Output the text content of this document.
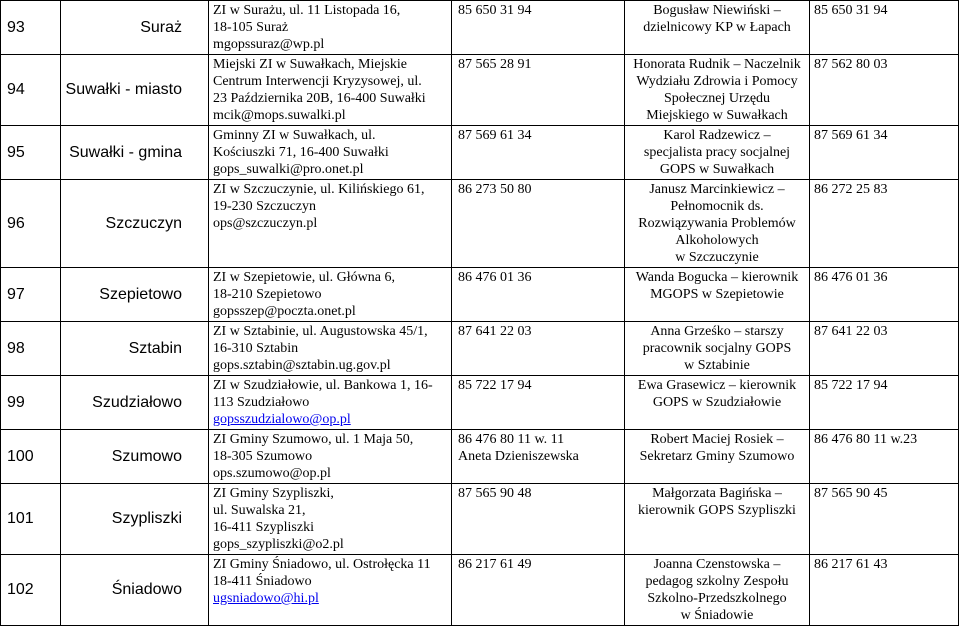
93	Suraż	ZI w Surażu, ul. 11 Listopada 16,
18-105 Suraż
mgopssuraz@wp.pl	85 650 31 94	Bogusław Niewiński –
dzielnicowy KP w Łapach	85 650 31 94
94	Suwałki - miasto	Miejski ZI w Suwałkach, Miejskie
Centrum Interwencji Kryzysowej, ul.
23 Października 20B, 16-400 Suwałki
mcik@mops.suwalki.pl	87 565 28 91	Honorata Rudnik – Naczelnik
Wydziału Zdrowia i Pomocy
Społecznej Urzędu
Miejskiego w Suwałkach	87 562 80 03
95	Suwałki - gmina	Gminny ZI w Suwałkach, ul.
Kościuszki 71, 16-400 Suwałki
gops_suwalki@pro.onet.pl	87 569 61 34	Karol Radzewicz –
specjalista pracy socjalnej
GOPS w Suwałkach	87 569 61 34
96	Szczuczyn	ZI w Szczuczynie, ul. Kilińskiego 61,
19-230 Szczuczyn
ops@szczuczyn.pl	86 273 50 80	Janusz Marcinkiewicz –
Pełnomocnik ds.
Rozwiązywania Problemów
Alkoholowych
w Szczuczynie	86 272 25 83
97	Szepietowo	ZI w Szepietowie, ul. Główna 6,
18-210 Szepietowo
gopsszep@poczta.onet.pl	86 476 01 36	Wanda Bogucka – kierownik
MGOPS w Szepietowie	86 476 01 36
98	Sztabin	ZI w Sztabinie, ul. Augustowska 45/1,
16-310 Sztabin
gops.sztabin@sztabin.ug.gov.pl	87 641 22 03	Anna Grześko – starszy
pracownik socjalny GOPS
w Sztabinie	87 641 22 03
99	Szudziałowo	ZI w Szudziałowie, ul. Bankowa 1, 16-
113 Szudziałowo
gopsszudzialowo@op.pl	85 722 17 94	Ewa Grasewicz – kierownik
GOPS w Szudziałowie	85 722 17 94
100	Szumowo	ZI Gminy Szumowo, ul. 1 Maja 50,
18-305 Szumowo
ops.szumowo@op.pl	86 476 80 11 w. 11
Aneta Dzieniszewska	Robert Maciej Rosiek –
Sekretarz Gminy Szumowo	86 476 80 11 w.23
101	Szypliszki	ZI Gminy Szypliszki,
ul. Suwalska 21,
16-411 Szypliszki
gops_szypliszki@o2.pl	87 565 90 48	Małgorzata Bagińska –
kierownik GOPS Szypliszki	87 565 90 45
102	Śniadowo	ZI Gminy Śniadowo, ul. Ostrołęcka 11
18-411 Śniadowo
ugsniadowo@hi.pl	86 217 61 49	Joanna Czenstowska –
pedagog szkolny Zespołu
Szkolno-Przedszkolnego
w Śniadowie	86 217 61 43
